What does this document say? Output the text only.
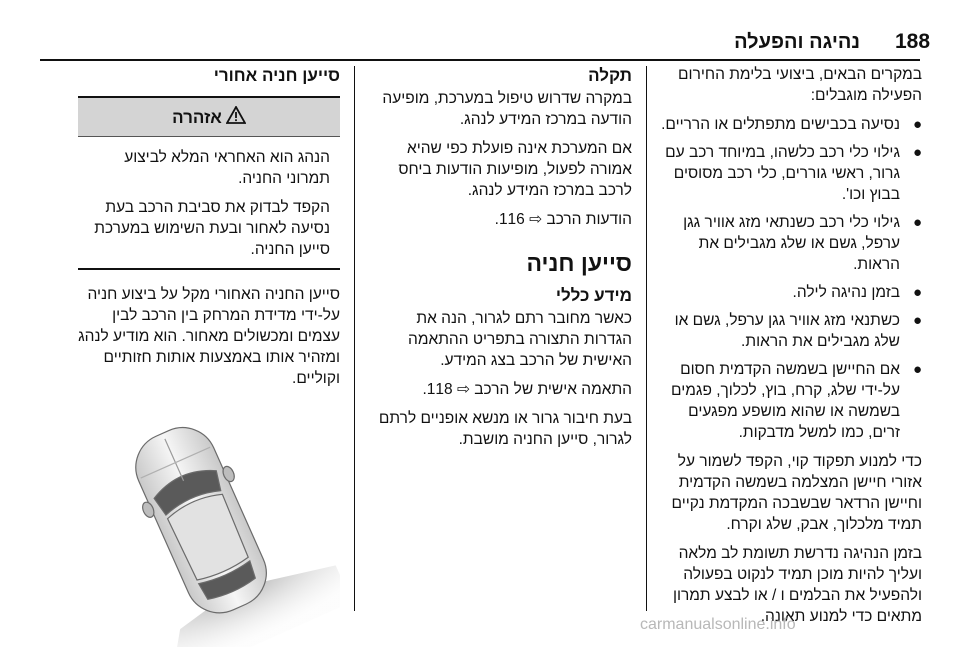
188
נהיגה והפעלה

במקרים הבאים, ביצועי בלימת החירום הפעילה מוגבלים:

●
נסיעה בכבישים מתפתלים או הרריים.
●
גילוי כלי רכב כלשהו, במיוחד רכב עם גרור, ראשי גוררים, כלי רכב מסוסים בבוץ וכו'.
●
גילוי כלי רכב כשנתאי מזג אוויר גגן ערפל, גשם או שלג מגבילים את הראות.
●
בזמן נהיגה לילה.
●
כשתנאי מזג אוויר גגן ערפל, גשם או שלג מגבילים את הראות.
●
אם החיישן בשמשה הקדמית חסום על-ידי שלג, קרח, בוץ, לכלוך, פגמים בשמשה או שהוא מושפע מפגעים זרים, כמו למשל מדבקות.

כדי למנוע תפקוד קוי, הקפד לשמור על אזורי חיישן המצלמה בשמשה הקדמית וחיישן הרדאר שבשבכה המקדמת נקיים תמיד מלכלוך, אבק, שלג וקרח.

בזמן הנהיגה נדרשת תשומת לב מלאה ועליך להיות מוכן תמיד לנקוט בפעולה ולהפעיל את הבלמים ו / או לבצע תמרון מתאים כדי למנוע תאונה.

תקלה

במקרה שדרוש טיפול במערכת, מופיעה הודעה במרכז המידע לנהג.

אם המערכת אינה פועלת כפי שהיא אמורה לפעול, מופיעות הודעות ביחס לרכב במרכז המידע לנהג.

הודעות הרכב ⇨ 116.

סייען חניה
מידע כללי

כאשר מחובר רתם לגרור, הנה את הגדרות התצורה בתפריט ההתאמה האישית של הרכב בצג המידע.

התאמה אישית של הרכב ⇨ 118.

בעת חיבור גרור או מנשא אופניים לרתם לגרור, סייען החניה מושבת.

סייען חניה אחורי
אזהרה

הנהג הוא האחראי המלא לביצוע תמרוני החניה.

הקפד לבדוק את סביבת הרכב בעת נסיעה לאחור ובעת השימוש במערכת סייען החניה.

סייען החניה האחורי מקל על ביצוע חניה על-ידי מדידת המרחק בין הרכב לבין עצמים ומכשולים מאחור. הוא מודיע לנהג ומזהיר אותו באמצעות אותות חזותיים וקוליים.

carmanualsonline.info
